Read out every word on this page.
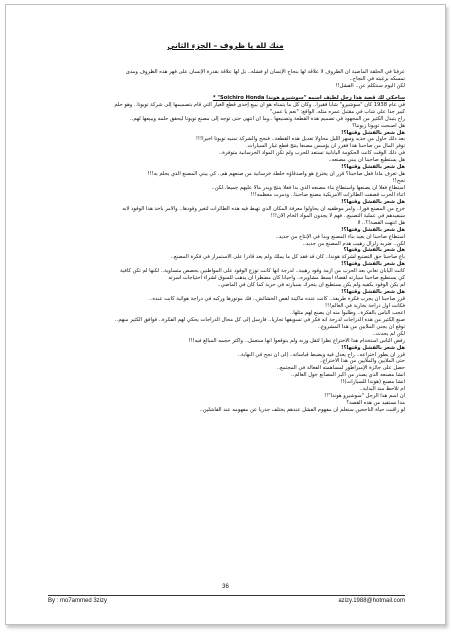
منك لله يا ظروف – الجزء الثاني
عرفنا في الحلقة الماضية أن الظروف لا علاقة لها بنجاح الإنسان أو فشله.. بل لها علاقة بقدرة الإنسان على قهر هذه الظروف ومدى
تمسكه برغبته في النجاح..
لكن اليوم سنتكلم عن.. الفشل!!
سأحكي لك قصة هذا رجل لطيف اسمه "سوشيرو هوندا Soichiro Honda" *
في عام 1938 كان "سوشيرو" شابا فقيرا.. وكان كل ما يتمناه هو أن يبيع إحدى قطع الغيار التي قام بتصميمها إلى شركة تويوتا.. وهو حلم
كبير جدا على شاب في مقتبل عمره مثله. الواقع: "نعم يا عمي"
راح ينبذل الكثير من المجهود في تصميم هذه القطعة وتصنيعها ..وما أن انتهى حتى توجه إلى مصنع تويوتا ليحقق حلمه ويبيعها لهم..
هل أصبحت تويوتا زبوننا؟
هل شعر بالفشل وقتها؟!
بعد ذلك حاول من جديد وسهر الليل محاولا تعديل هذه القطعة.. فنجح والشركة تمنيه تويوتا أخيرا!!!
توفر المال من صاحبنا هذا فقرر أن يؤسس مصنعا ينتج قطع غيار السيارات.
في ذلك الوقت كانت الحكومة اليابانية تستعد للحرب ولم تكن المواد الخرسانية متوفرة..
هل يستطيع صاحبنا أن يبني مصنعه..
هل شعر بالفشل وقتها؟!
هل تعرف ماذا فعل صاحبنا؟ قرر أن يخترع هو وأصدقاؤه خلطة خرسانية من صنعهم هم.. كي يبني المصنع الذي يحلم به!!!
نجح!!
استطاع فعلا أن يصنعها واستطاع بناء مصنعه الذي بدأ فعلا ينتج ويدر مالا عليهم جميعا..لكن..
أثناء الحرب قصفت الطائرات الأمريكية مصنع صاحبنا.. ودمرت معظمه!!!
هل شعر بالفشل وقتها؟!
خرج من المصنع فورا.. وأمر موظفيه أن يحاولوا معرفة المكان الذي تهبط فيه هذه الطائرات لتغير وقودها.. والأمر بأخذ هذا الوقود لأنه
سيفيدهم في عملية التصنيع.. فهم لا يجدون المواد الخام الآن!!!
هل انتهت القصة!؟.. لا
هل شعر بالفشل وقتها؟!
استطاع صاحبنا أن يعيد بناء المصنع وبدأ في الإنتاج من جديد..
لكن.. ضربه زلزال رهيب هدم المصنع من جديد..
هل شعر بالفشل وقتها؟
باع صاحبنا حق التصنيع لشركة هوندا.. كان قد فقد كل ما يملك ولم يعد قادرا على الاستمرار في فكرة المصنع..
هل شعر بالفشل وقتها؟!
كانت اليابان تعاني بعد الحرب من أزمة وقود رهيبة.. لدرجة أنها كانت توزع الوقود على المواطنين بحصص متساوية.. لكنها لم تكن كافية
كي يستطيع صاحبنا سيارته لقضاء أبسط مشاويره.. واحيانا كان مضطرا أن يذهب للسوق لشراء احتياجات أسرته
لم يكن الوقود يكفيه ولم يكن يستطيع أن يتحرك بسيارته في حرية كما كان في الماضي..
هل شعر بالفشل وقتها؟!
قرر صاحبنا أن يجرب فكرة طريفة.. كانت عنده ماكينة لقص الحشائش.. فك موتورها وركبه في دراجة هوائية كانت عنده..
فكانت أول دراجة بخارية في العالم!!!
أعجب الناس بالفكرة.. وطلبوا منه أن يصنع لهم مثلها..
صنع الكثير من هذه الدراجات لدرجة أنه فكر في تسويقها تجاريا.. فأرسل إلى كل محال الدراجات يحكي لهم الفكرة.. فوافق الكثير منهم..
توقع أن يجني الملايين من هذا المشروع..
لكن لم يحدث..
رفض الناس استخدام هذا الاختراع نظرا لثقل وزنه ولم يتوقعوا أنها ستعمل.. وأكثر حجمه المبالغ فيه!!!
هل شعر بالفشل وقتها؟!
قرر أن يطور اختراعه.. راح يعدل فيه ويضبط قياساته.. إلى أن نجح في النهاية..
حتى الملايين والملايين من هذا الاختراع..
حصل على جائزة الإمبراطور لمساهمته الفعالة في المجتمع..
أنشأ مصنعه الذي يصدر من أكبر المصانع حول العالم..
أنشأ مصنع (هوندا للسيارات)!!
أم تلاحظ منذ البداية..
أن اسم هذا الرجل "سوشيرو هوندا"!!
مذا نستفيد من هذه القصة؟
لو راقبت حياة الناجحين ستعلم أن مفهوم الفشل عندهم يختلف جذريا عن مفهومه عند الفاشلين..
36
By : mo7ammed 3zizy	azizy.1988@hotmail.com
